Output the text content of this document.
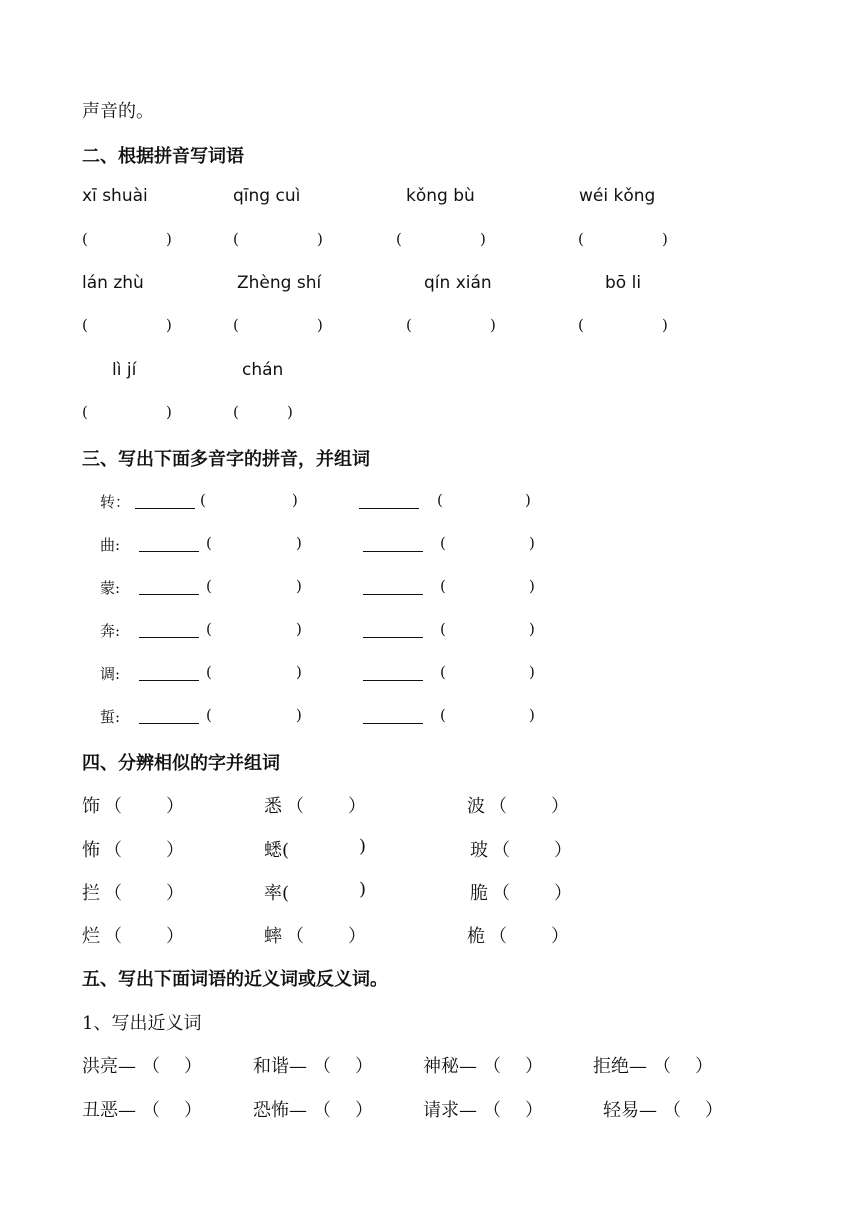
声音的。
二、根据拼音写词语
xī shuài	qīng cuì	kǒng bù	wéi kǒng
(	)	(	)	(	)	(	)
lán zhù	Zhèng shí	qín xián	bō li
(	)	(	)	(	)	(	)
lì jí	chán
(	)	(	)
三、写出下面多音字的拼音，并组词
转：	(	)	(	)
曲:	(	)	(	)
蒙:	(	)	(	)
奔:	(	)	(	)
调:	(	)	(	)
蜇:	(	)	(	)
四、分辨相似的字并组词
饰 （ ）	悉 （ ）	波 （ ）
怖 （ ）	蟋(	)	玻 （ ）
拦 （ ）	率(	)	脆 （ ）
烂 （ ）	蟀 （ ）	桅 （ ）
五、写出下面词语的近义词或反义词。
1、写出近义词
洪亮— （ ）	和谐— （ ）	神秘— （ ）	拒绝— （ ）
丑恶— （ ）	恐怖— （ ）	请求— （ ）	轻易— （ ）
